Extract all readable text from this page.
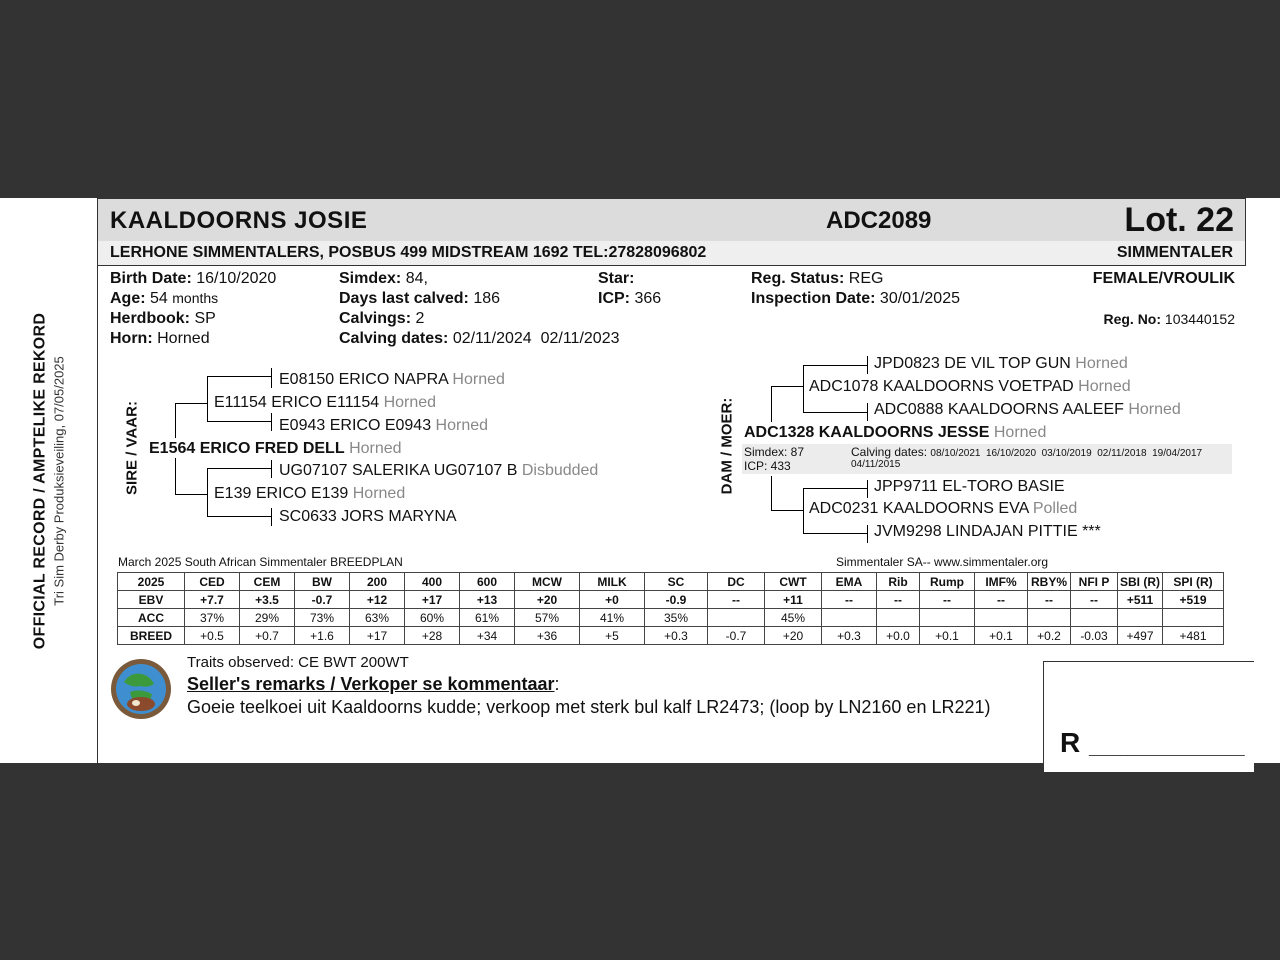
OFFICIAL RECORD / AMPTELIKE REKORD Tri Sim Derby Produksieveiling, 07/05/2025
KAALDOORNS JOSIE	ADC2089	Lot. 22
LERHONE SIMMENTALERS, POSBUS 499 MIDSTREAM 1692 TEL:27828096802	SIMMENTALER
Birth Date: 16/10/2020
Age: 54 months
Herdbook: SP
Horn: Horned
Simdex: 84,
Days last calved: 186
Calvings: 2
Calving dates: 02/11/2024  02/11/2023
Star:
ICP: 366
Reg. Status: REG
Inspection Date: 30/01/2025
FEMALE/VROULIK
Reg. No: 103440152
SIRE / VAAR:
E08150 ERICO NAPRA Horned
E11154 ERICO E11154 Horned
E0943 ERICO E0943 Horned
E1564 ERICO FRED DELL Horned
UG07107 SALERIKA UG07107 B Disbudded
E139 ERICO E139 Horned
SC0633 JORS MARYNA
DAM / MOER:
JPD0823 DE VIL TOP GUN Horned
ADC1078 KAALDOORNS VOETPAD Horned
ADC0888 KAALDOORNS AALEEF Horned
ADC1328 KAALDOORNS JESSE Horned
Simdex: 87
ICP: 433
Calving dates: 08/10/2021  16/10/2020  03/10/2019  02/11/2018  19/04/2017
04/11/2015
JPP9711 EL-TORO BASIE
ADC0231 KAALDOORNS EVA Polled
JVM9298 LINDAJAN PITTIE ***
March 2025 South African Simmentaler BREEDPLAN	Simmentaler SA-- www.simmentaler.org
2025	CED	CEM	BW	200	400	600	MCW	MILK	SC	DC	CWT	EMA	Rib	Rump	IMF%	RBY%	NFI P	SBI (R)	SPI (R)
EBV	+7.7	+3.5	-0.7	+12	+17	+13	+20	+0	-0.9	--	+11	--	--	--	--	--	--	+511	+519
ACC	37%	29%	73%	63%	60%	61%	57%	41%	35%		45%								
BREED	+0.5	+0.7	+1.6	+17	+28	+34	+36	+5	+0.3	-0.7	+20	+0.3	+0.0	+0.1	+0.1	+0.2	-0.03	+497	+481
Traits observed: CE BWT 200WT
Seller's remarks / Verkoper se kommentaar:
Goeie teelkoei uit Kaaldoorns kudde; verkoop met sterk bul kalf LR2473; (loop by LN2160 en LR221)
R ____________________
